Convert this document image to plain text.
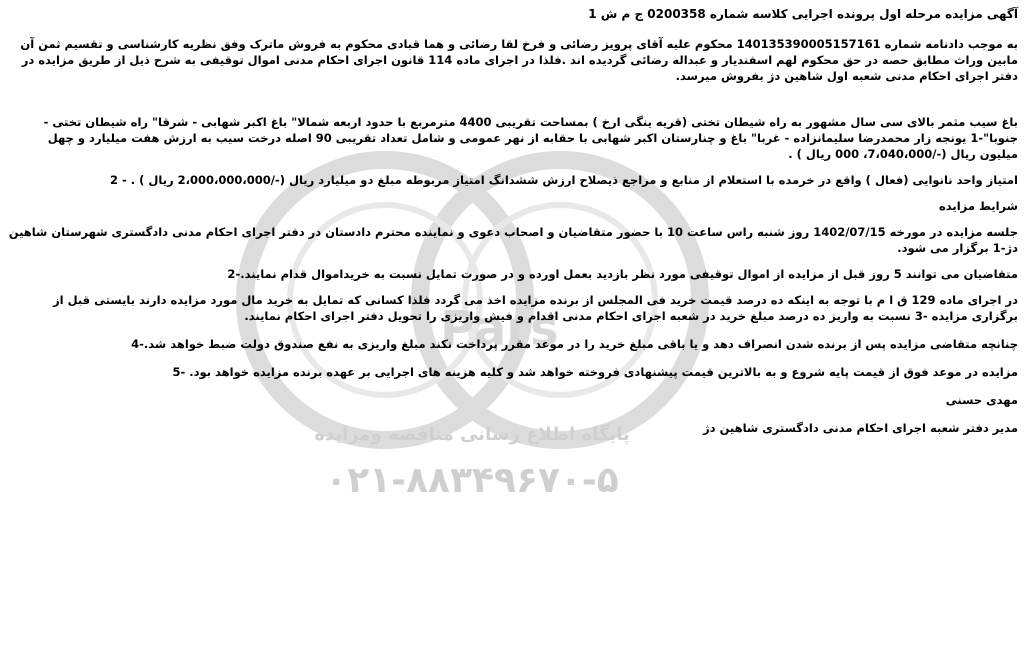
Pars
پایگاه اطلاع رسانی مناقصه ومزایده
۰۲۱-۸۸۳۴۹۶۷۰-۵

آگهی مزایده مرحله اول پرونده اجرایی کلاسه شماره 0200358 ج م ش 1

به موجب دادنامه شماره 140135390005157161 محکوم علیه آقای پرویز رضائی و فرخ لقا رضائی و هما قبادی محکوم به فروش ماترک وفق نظریه کارشناسی و تقسیم ثمن آن مابین وراث مطابق حصه در حق محکوم لهم اسفندیار و عبداله رضائی گردیده اند .فلذا در اجرای ماده 114 قانون اجرای احکام مدنی اموال توقیفی به شرح ذیل از طریق مزایده در دفتر اجرای احکام مدنی شعبه اول شاهین دژ بفروش میرسد.

باغ سیب مثمر بالای سی سال مشهور به راه شیطان تختی (قریه ینگی ارخ ) بمساحت تقریبی 4400 مترمربع با حدود اربعه شمالا" باغ اکبر شهابی - شرقا" راه شیطان تختی - جنوبا"-1 یونجه زار محمدرضا سلیمانزاده - غربا" باغ و چنارستان اکبر شهابی با حقابه از نهر عمومی و شامل تعداد تقریبی 90 اصله درخت سیب به ارزش هفت میلیارد و چهل میلیون ریال (-/7،040،000، 000 ریال ) .

امتیاز واحد نانوایی (فعال ) واقع در خرمده با استعلام از منابع و مراجع ذیصلاح ارزش ششدانگ امتیاز مربوطه مبلغ دو میلیارد ریال (-/2،000،000،000 ریال ) . - 2

شرایط مزایده

جلسه مزایده در مورخه 1402/07/15 روز شنبه راس ساعت 10 با حضور متقاضیان و اصحاب دعوی و نماینده محترم دادستان در دفتر اجرای احکام مدنی دادگستری شهرستان شاهین دژ-1 برگزار می شود.

متقاضیان می توانند 5 روز قبل از مزایده از اموال توقیفی مورد نظر بازدید بعمل اورده و در صورت تمایل نسبت به خریداموال قدام نمایند.-2

در اجرای ماده 129 ق ا م با توجه به اینکه ده درصد قیمت خرید فی المجلس از برنده مزایده اخذ می گردد فلذا کسانی که تمایل به خرید مال مورد مزایده دارند بایستی قبل از برگزاری مزایده -3 نسبت به واریز ده درصد مبلغ خرید در شعبه اجرای احکام مدنی اقدام و فیش واریزی را تحویل دفتر اجرای احکام نمایند.

چنانچه متقاضی مزایده پس از برنده شدن انصراف دهد و یا باقی مبلغ خرید را در موعد مقرر پرداخت نکند مبلغ واریزی به نفع صندوق دولت ضبط خواهد شد.-4

مزایده در موعد فوق از قیمت پایه شروع و به بالاترین قیمت پیشنهادی فروخته خواهد شد و کلیه هزینه های اجرایی بر عهده برنده مزایده خواهد بود. -5

مهدی حسنی

مدیر دفتر شعبه اجرای احکام مدنی دادگستری شاهین دژ
